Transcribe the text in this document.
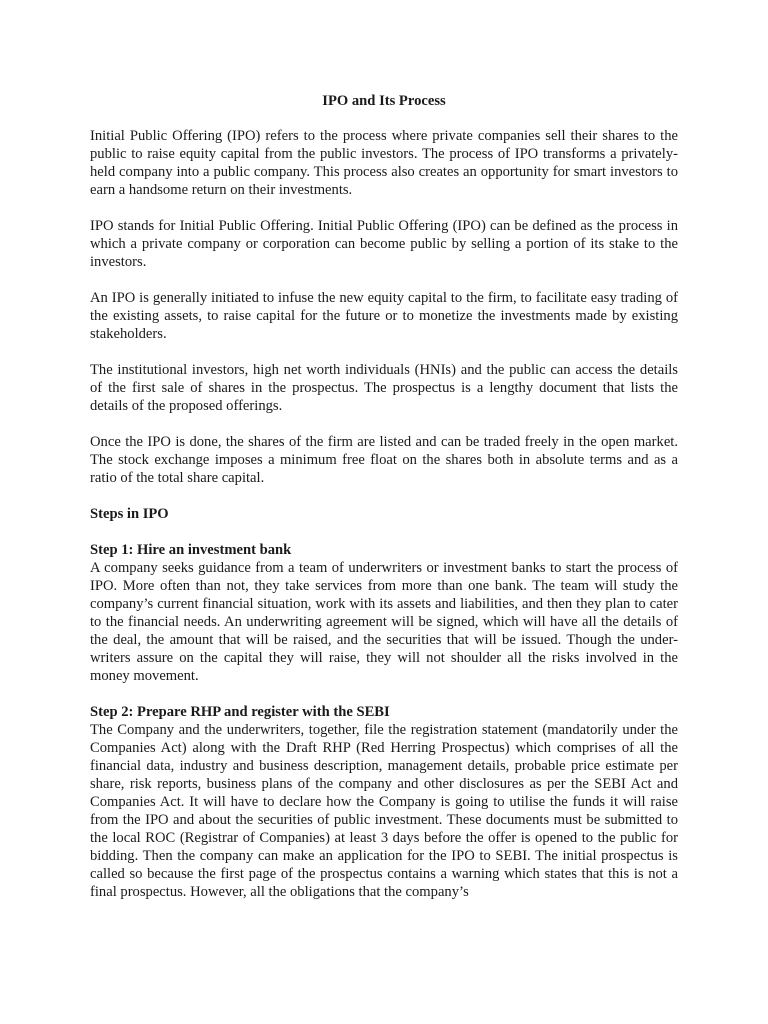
IPO and Its Process

Initial Public Offering (IPO) refers to the process where private companies sell their shares to the public to raise equity capital from the public investors. The process of IPO transforms a privately-held company into a public company. This process also creates an opportunity for smart investors to earn a handsome return on their investments.

IPO stands for Initial Public Offering. Initial Public Offering (IPO) can be defined as the process in which a private company or corporation can become public by selling a portion of its stake to the investors.

An IPO is generally initiated to infuse the new equity capital to the firm, to facilitate easy trading of the existing assets, to raise capital for the future or to monetize the investments made by existing stakeholders.

The institutional investors, high net worth individuals (HNIs) and the public can access the details of the first sale of shares in the prospectus. The prospectus is a lengthy document that lists the details of the proposed offerings.

Once the IPO is done, the shares of the firm are listed and can be traded freely in the open market. The stock exchange imposes a minimum free float on the shares both in absolute terms and as a ratio of the total share capital.

Steps in IPO
Step 1: Hire an investment bank

A company seeks guidance from a team of underwriters or investment banks to start the process of IPO. More often than not, they take services from more than one bank. The team will study the company’s current financial situation, work with its assets and liabilities, and then they plan to cater to the financial needs. An underwriting agreement will be signed, which will have all the details of the deal, the amount that will be raised, and the securities that will be issued. Though the under-writers assure on the capital they will raise, they will not shoulder all the risks involved in the money movement.

Step 2: Prepare RHP and register with the SEBI

The Company and the underwriters, together, file the registration statement (mandatorily under the Companies Act) along with the Draft RHP (Red Herring Prospectus) which comprises of all the financial data, industry and business description, management details, probable price estimate per share, risk reports, business plans of the company and other disclosures as per the SEBI Act and Companies Act. It will have to declare how the Company is going to utilise the funds it will raise from the IPO and about the securities of public investment. These documents must be submitted to the local ROC (Registrar of Companies) at least 3 days before the offer is opened to the public for bidding. Then the company can make an application for the IPO to SEBI. The initial prospectus is called so because the first page of the prospectus contains a warning which states that this is not a final prospectus. However, all the obligations that the company’s
